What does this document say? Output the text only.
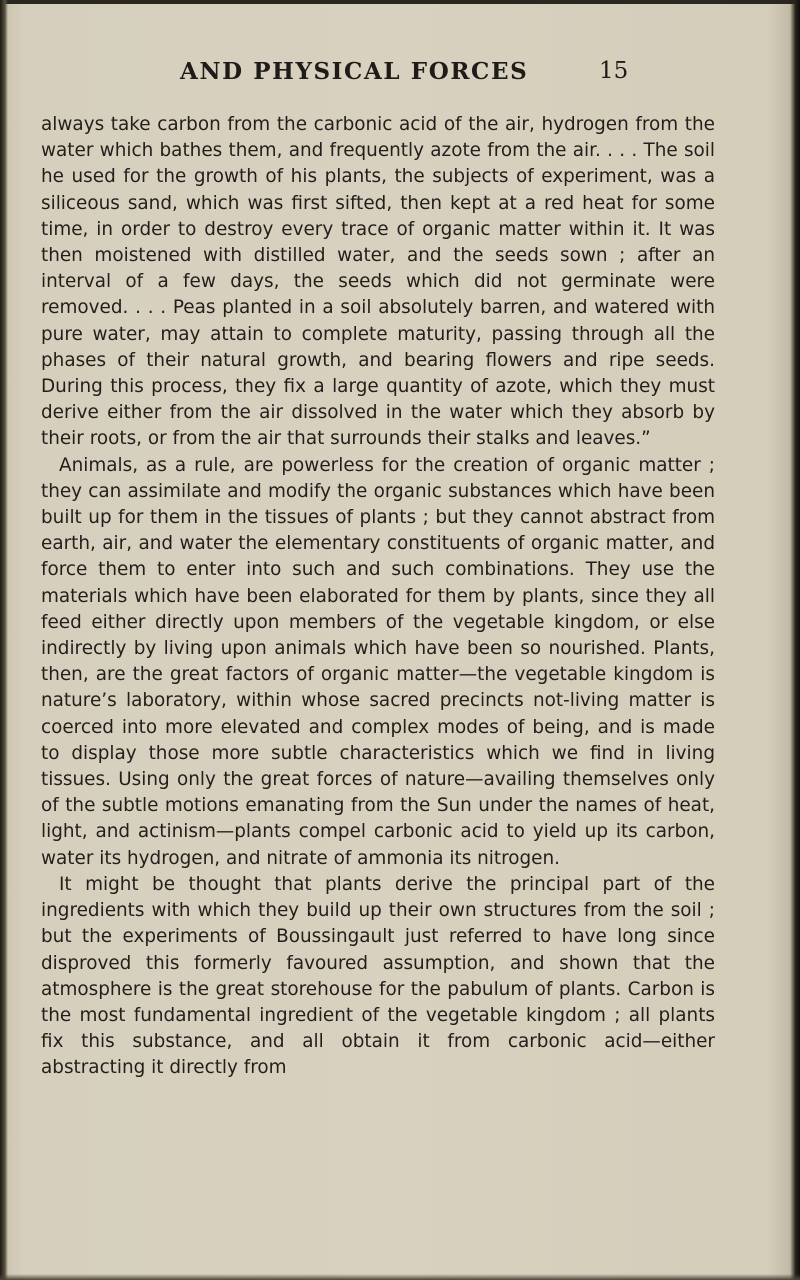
AND PHYSICAL FORCES	15

always take carbon from the carbonic acid of the air, hydrogen from the water which bathes them, and frequently azote from the air. . . . The soil he used for the growth of his plants, the subjects of experiment, was a siliceous sand, which was first sifted, then kept at a red heat for some time, in order to destroy every trace of organic matter within it. It was then moistened with distilled water, and the seeds sown ; after an interval of a few days, the seeds which did not germinate were removed. . . . Peas planted in a soil absolutely barren, and watered with pure water, may attain to complete maturity, passing through all the phases of their natural growth, and bearing flowers and ripe seeds. During this process, they fix a large quantity of azote, which they must derive either from the air dissolved in the water which they absorb by their roots, or from the air that surrounds their stalks and leaves.”

Animals, as a rule, are powerless for the creation of organic matter ; they can assimilate and modify the organic substances which have been built up for them in the tissues of plants ; but they cannot abstract from earth, air, and water the elementary constituents of organic matter, and force them to enter into such and such combinations. They use the materials which have been elaborated for them by plants, since they all feed either directly upon members of the vegetable kingdom, or else indirectly by living upon animals which have been so nourished. Plants, then, are the great factors of organic matter—the vegetable kingdom is nature’s laboratory, within whose sacred precincts not-living matter is coerced into more elevated and complex modes of being, and is made to display those more subtle characteristics which we find in living tissues. Using only the great forces of nature—availing themselves only of the subtle motions emanating from the Sun under the names of heat, light, and actinism—plants compel carbonic acid to yield up its carbon, water its hydrogen, and nitrate of ammonia its nitrogen.

It might be thought that plants derive the principal part of the ingredients with which they build up their own structures from the soil ; but the experiments of Boussingault just referred to have long since disproved this formerly favoured assumption, and shown that the atmosphere is the great storehouse for the pabulum of plants. Carbon is the most fundamental ingredient of the vegetable kingdom ; all plants fix this substance, and all obtain it from carbonic acid—either abstracting it directly from
